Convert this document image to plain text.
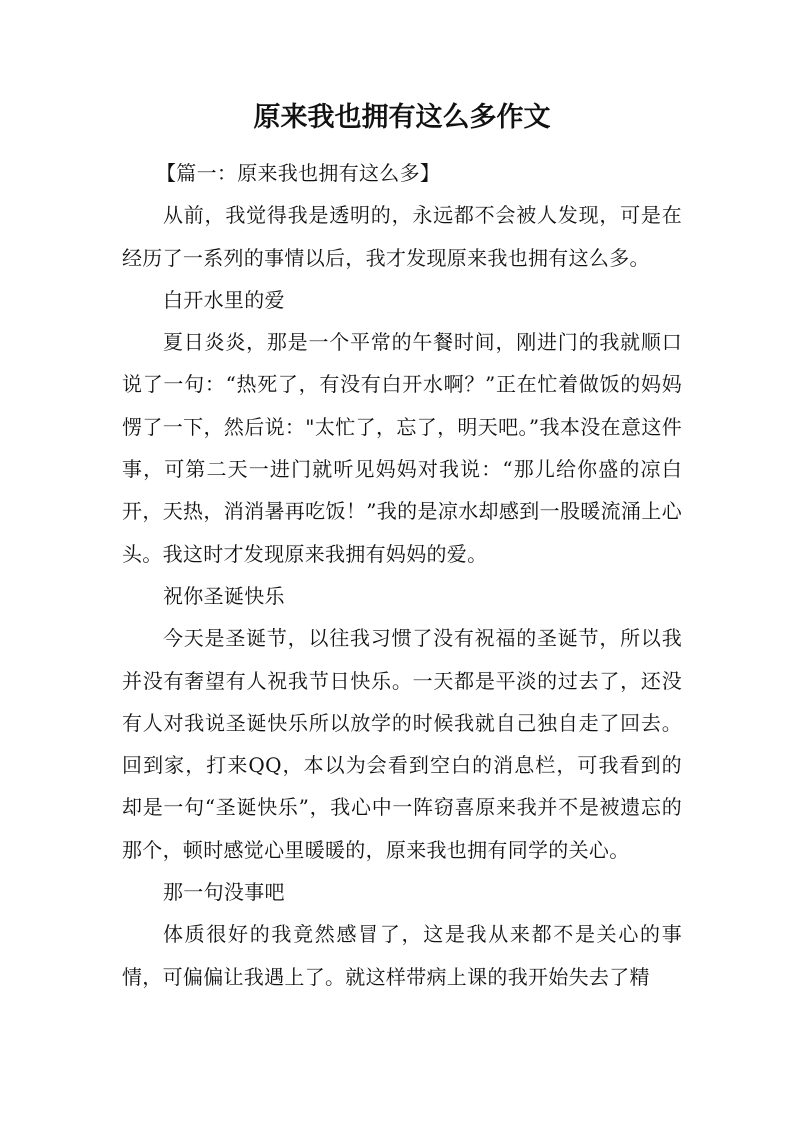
原来我也拥有这么多作文

【篇一：原来我也拥有这么多】

从前，我觉得我是透明的，永远都不会被人发现，可是在经历了一系列的事情以后，我才发现原来我也拥有这么多。

白开水里的爱

夏日炎炎，那是一个平常的午餐时间，刚进门的我就顺口说了一句：“热死了，有没有白开水啊？”正在忙着做饭的妈妈愣了一下，然后说："太忙了，忘了，明天吧。”我本没在意这件事，可第二天一进门就听见妈妈对我说：“那儿给你盛的凉白开，天热，消消暑再吃饭！”我的是凉水却感到一股暖流涌上心头。我这时才发现原来我拥有妈妈的爱。

祝你圣诞快乐

今天是圣诞节，以往我习惯了没有祝福的圣诞节，所以我并没有奢望有人祝我节日快乐。一天都是平淡的过去了，还没有人对我说圣诞快乐所以放学的时候我就自己独自走了回去。回到家，打来QQ，本以为会看到空白的消息栏，可我看到的却是一句“圣诞快乐”，我心中一阵窃喜原来我并不是被遗忘的那个，顿时感觉心里暖暖的，原来我也拥有同学的关心。

那一句没事吧

体质很好的我竟然感冒了，这是我从来都不是关心的事情，可偏偏让我遇上了。就这样带病上课的我开始失去了精
